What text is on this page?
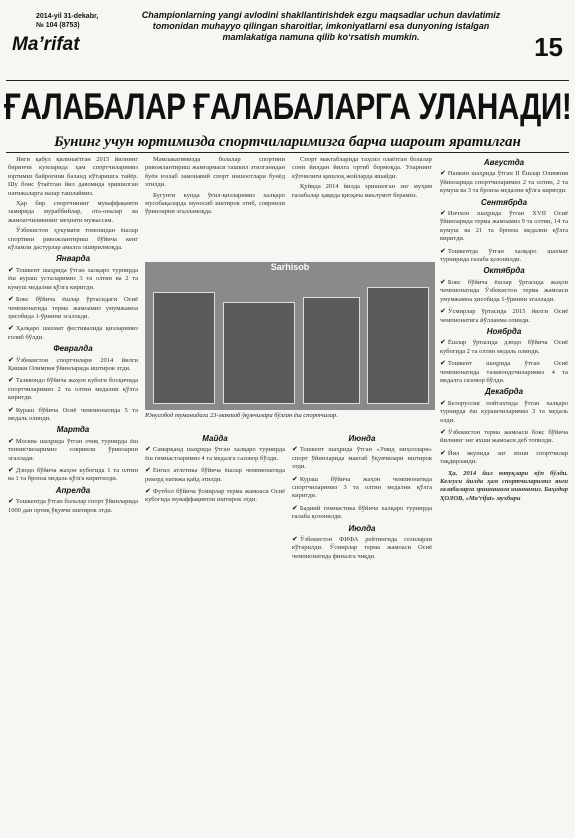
2014-yil 31-dekabr,
№ 104 (8753)
Ma’rifat
Championlarning yangi avlodini shakllantirishdek ezgu maqsadlar uchun davlatimiz tomonidan muhayyo qilingan sharoitlar, imkoniyatlarni esa dunyoning istalgan mamlakatiga namuna qilib ko‘rsatish mumkin.	15
ҒАЛАБАЛАР ҒАЛАБАЛАРГА УЛАНАДИ!
Бунинг учун юртимизда спортчиларимизга барча шароит яратилган

Янги қабул қилинаётган 2015 йилнинг биринчи кунларида ҳам спортчиларимиз юртимиз байроғини баланд кўтаришга тайёр. Шу боис ўтаётган йил давомида эришилган натижаларга назар ташлаймиз.

Ҳар бир спортчининг муваффақияти замирида мураббийлар, ота-оналар ва жамоатчиликнинг меҳнати мужассам.

Ўзбекистон ҳукумати томонидан ёшлар спортини ривожлантириш бўйича кенг кўламли дастурлар амалга оширилмоқда.

Январда
✔ Тошкент шаҳрида ўтган халқаро турнирда ёш кураш усталаримиз 3 та олтин ва 2 та кумуш медални қўлга киритди.
✔ Бокс бўйича ёшлар ўртасидаги Осиё чемпионатида терма жамоамиз умумжамоа ҳисобида 1-ўринни эгаллади.
✔ Ҳалқаро шахмат фестивалида қизларимиз ғолиб бўлди.
Февралда
✔ Ўзбекистон спортчилари 2014 йилги Қишки Олимпия ўйинларида иштирок этди.
✔ Таэквондо бўйича жаҳон кубоги босқичида спортчиларимиз 2 та олтин медални қўлга киритди.
✔ Кураш бўйича Осиё чемпионатида 5 та медаль олинди.
Мартда
✔ Москва шаҳрида ўтган очиқ турнирда ёш теннисчиларимиз совринли ўринларни эгаллади.
✔ Дзюдо бўйича жаҳон кубогида 1 та олтин ва 1 та бронза медаль қўлга киритилди.
Апрелда
✔ Тошкентда ўтган болалар спорт ўйинларида 1000 дан ортиқ ўқувчи иштирок этди.

Мамлакатимизда болалар спортини ривожлантириш жамғармаси ташкил этилганидан буён юзлаб замонавий спорт иншоотлари бунёд этилди.

Бугунги кунда ўғил-қизларимиз халқаро мусобақаларда муносиб иштирок этиб, совринли ўринларни эгалламоқда.

Спорт мактабларида таҳсил олаётган болалар сони йилдан йилга ортиб бормоқда. Уларнинг кўпчилиги қишлоқ жойларда яшайди.

Қуйида 2014 йилда эришилган энг муҳим ғалабалар ҳақида қисқача маълумот берамиз.

Sarhisob
Юнусобод туманидаги 23-мактаб ўқувчилари бўлган ёш спортчилар.
Майда
✔ Самарқанд шаҳрида ўтган халқаро турнирда ёш гимнастларимиз 4 та медалга сазовор бўлди.
✔ Енгил атлетика бўйича ёшлар чемпионатида рекорд натижа қайд этилди.
✔ Футбол бўйича ўсмирлар терма жамоаси Осиё кубогида муваффақиятли иштирок этди.
Июнда
✔ Тошкент шаҳрида ўтган «Умид ниҳоллари» спорт ўйинларида мактаб ўқувчилари иштирок этди.
✔ Кураш бўйича жаҳон чемпионатида спортчиларимиз 3 та олтин медални қўлга киритди.
✔ Бадиий гимнастика бўйича халқаро турнирда ғалаба қозонилди.
Июлда
✔ Ўзбекистон ФИФА рейтингида сезиларли кўтарилди. Ўсмирлар терма жамоаси Осиё чемпионатида финалга чиқди.
Августда
✔ Нанкин шаҳрида ўтган II Ёшлар Олимпия ўйинларида спортчиларимиз 2 та олтин, 2 та кумуш ва 3 та бронза медални қўлга киритди.
Сентябрда
✔ Инчхон шаҳрида ўтган XVII Осиё ўйинларида терма жамоамиз 9 та олтин, 14 та кумуш ва 21 та бронза медални қўлга киритди.
✔ Тошкентда ўтган халқаро шахмат турнирида ғалаба қозонилди.
Октябрда
✔ Бокс бўйича ёшлар ўртасида жаҳон чемпионатида Ўзбекистон терма жамоаси умумжамоа ҳисобида 1-ўринни эгаллади.
✔ Ўсмирлар ўртасида 2015 йилги Осиё чемпионатига йўлланма олинди.
Ноябрда
✔ Ёшлар ўртасида дзюдо бўйича Осиё кубогида 2 та олтин медаль олинди.
✔ Тошкент шаҳрида ўтган Осиё чемпионатида таэквондочиларимиз 4 та медалга сазовор бўлди.
Декабрда
✔ Белоруссия пойтахтида ўтган халқаро турнирда ёш курашчиларимиз 3 та медаль олди.
✔ Ўзбекистон терма жамоаси бокс бўйича йилнинг энг яхши жамоаси деб топилди.
✔ Йил якунида энг яхши спортчилар тақдирланди.

Ҳа, 2014 йил ютуқлари кўп бўлди. Келгуси йилда ҳам спортчиларимиз янги ғалабаларга эришишига ишонамиз. Баҳодир ҲОЛОВ, «Ma’rifat» мухбири
